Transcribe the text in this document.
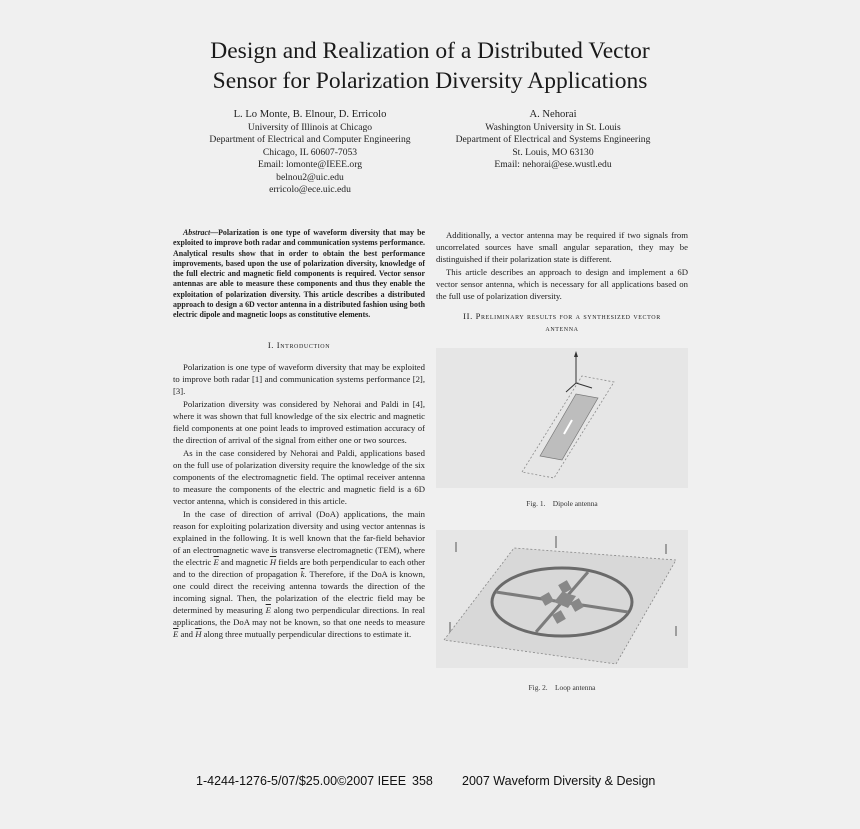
Design and Realization of a Distributed Vector
Sensor for Polarization Diversity Applications
L. Lo Monte, B. Elnour, D. Erricolo
University of Illinois at Chicago
Department of Electrical and Computer Engineering
Chicago, IL 60607-7053
Email: lomonte@IEEE.org
belnou2@uic.edu
erricolo@ece.uic.edu
A. Nehorai
Washington University in St. Louis
Department of Electrical and Systems Engineering
St. Louis, MO 63130
Email: nehorai@ese.wustl.edu

Abstract—Polarization is one type of waveform diversity that may be exploited to improve both radar and communication systems performance. Analytical results show that in order to obtain the best performance improvements, based upon the use of polarization diversity, knowledge of the full electric and magnetic field components is required. Vector sensor antennas are able to measure these components and thus they enable the exploitation of polarization diversity. This article describes a distributed approach to design a 6D vector antenna in a distributed fashion using both electric dipole and magnetic loops as constitutive elements.

I. Introduction

Polarization is one type of waveform diversity that may be exploited to improve both radar [1] and communication systems performance [2], [3].

Polarization diversity was considered by Nehorai and Paldi in [4], where it was shown that full knowledge of the six electric and magnetic field components at one point leads to improved estimation accuracy of the direction of arrival of the signal from either one or two sources.

As in the case considered by Nehorai and Paldi, applications based on the full use of polarization diversity require the knowledge of the six components of the electromagnetic field. The optimal receiver antenna to measure the components of the electric and magnetic field is a 6D vector antenna, which is considered in this article.

In the case of direction of arrival (DoA) applications, the main reason for exploiting polarization diversity and using vector antennas is explained in the following. It is well known that the far-field behavior of an electromagnetic wave is transverse electromagnetic (TEM), where the electric $\overline{E}$ and magnetic $\overline{H}$ fields are both perpendicular to each other and to the direction of propagation $\overline{k}$. Therefore, if the DoA is known, one could direct the receiving antenna towards the direction of the incoming signal. Then, the polarization of the electric field may be determined by measuring $\overline{E}$ along two perpendicular directions. In real applications, the DoA may not be known, so that one needs to measure $\overline{E}$ and $\overline{H}$ along three mutually perpendicular directions to estimate it.

Additionally, a vector antenna may be required if two signals from uncorrelated sources have small angular separation, they may be distinguished if their polarization state is different.

This article describes an approach to design and implement a 6D vector sensor antenna, which is necessary for all applications based on the full use of polarization diversity.

II. Preliminary results for a synthesized vector
antenna
Fig. 1. Dipole antenna
Fig. 2. Loop antenna
1-4244-1276-5/07/$25.00©2007 IEEE 358 2007 Waveform Diversity & Design
